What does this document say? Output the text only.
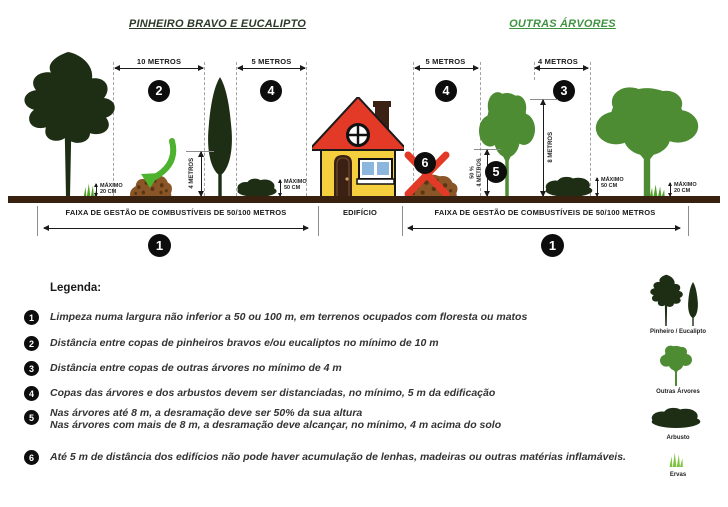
PINHEIRO BRAVO E EUCALIPTO	OUTRAS ÁRVORES
10 METROS
2
5 METROS
4
5 METROS
4
4 METROS
3
6
4 METROS	50 % 4 METROS 5
8 METROS
MÁXIMO
20 CM
MÁXIMO
50 CM
MÁXIMO
50 CM	MÁXIMO
20 CM
FAIXA DE GESTÃO DE COMBUSTÍVEIS DE 50/100 METROS
1
EDIFÍCIO	FAIXA DE GESTÃO DE COMBUSTÍVEIS DE 50/100 METROS
1
Legenda:
1	Limpeza numa largura não inferior a 50 ou 100 m, em terrenos ocupados com floresta ou matos
2	Distância entre copas de pinheiros bravos e/ou eucaliptos no mínimo de 10 m
3	Distância entre copas de outras árvores no mínimo de 4 m
4	Copas das árvores e dos arbustos devem ser distanciadas, no mínimo, 5 m da edificação
5	Nas árvores até 8 m, a desramação deve ser 50% da sua altura
Nas árvores com mais de 8 m, a desramação deve alcançar, no mínimo, 4 m acima do solo
6	Até 5 m de distância dos edifícios não pode haver acumulação de lenhas, madeiras ou outras matérias inflamáveis.
Pinheiro / Eucalipto
Outras Árvores
Arbusto
Ervas
